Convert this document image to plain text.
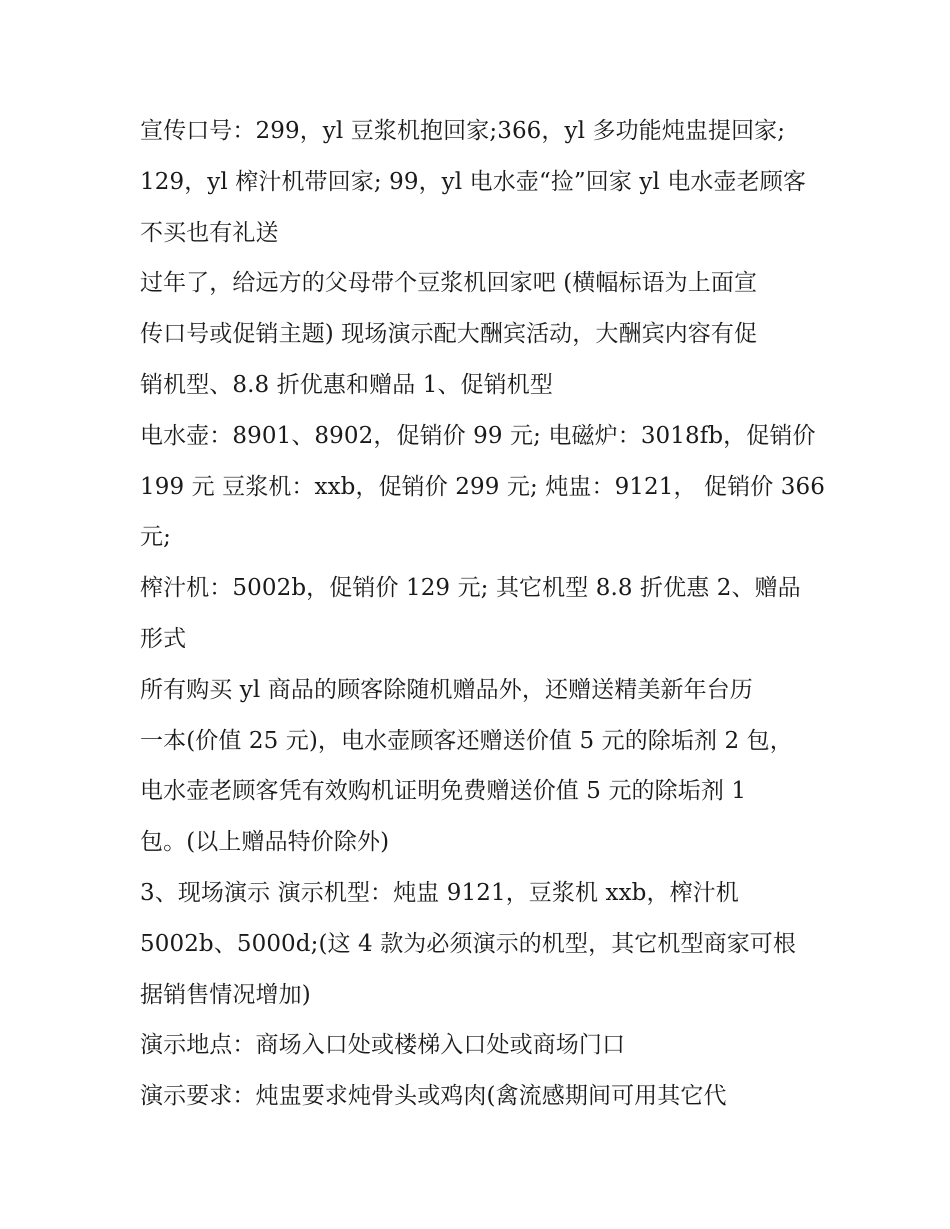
宣传口号：299，yl 豆浆机抱回家;366，yl 多功能炖盅提回家;
129，yl 榨汁机带回家; 99，yl 电水壶“捡”回家 yl 电水壶老顾客
不买也有礼送
过年了，给远方的父母带个豆浆机回家吧 (横幅标语为上面宣
传口号或促销主题) 现场演示配大酬宾活动，大酬宾内容有促
销机型、8.8 折优惠和赠品 1、促销机型
电水壶：8901、8902，促销价 99 元; 电磁炉：3018fb，促销价
199 元 豆浆机：xxb，促销价 299 元; 炖盅：9121， 促销价 366
元;
榨汁机：5002b，促销价 129 元; 其它机型 8.8 折优惠 2、赠品
形式
所有购买 yl 商品的顾客除随机赠品外，还赠送精美新年台历
一本(价值 25 元)，电水壶顾客还赠送价值 5 元的除垢剂 2 包，
电水壶老顾客凭有效购机证明免费赠送价值 5 元的除垢剂 1
包。(以上赠品特价除外)
3、现场演示 演示机型：炖盅 9121，豆浆机 xxb，榨汁机
5002b、5000d;(这 4 款为必须演示的机型，其它机型商家可根
据销售情况增加)
演示地点：商场入口处或楼梯入口处或商场门口
演示要求：炖盅要求炖骨头或鸡肉(禽流感期间可用其它代
